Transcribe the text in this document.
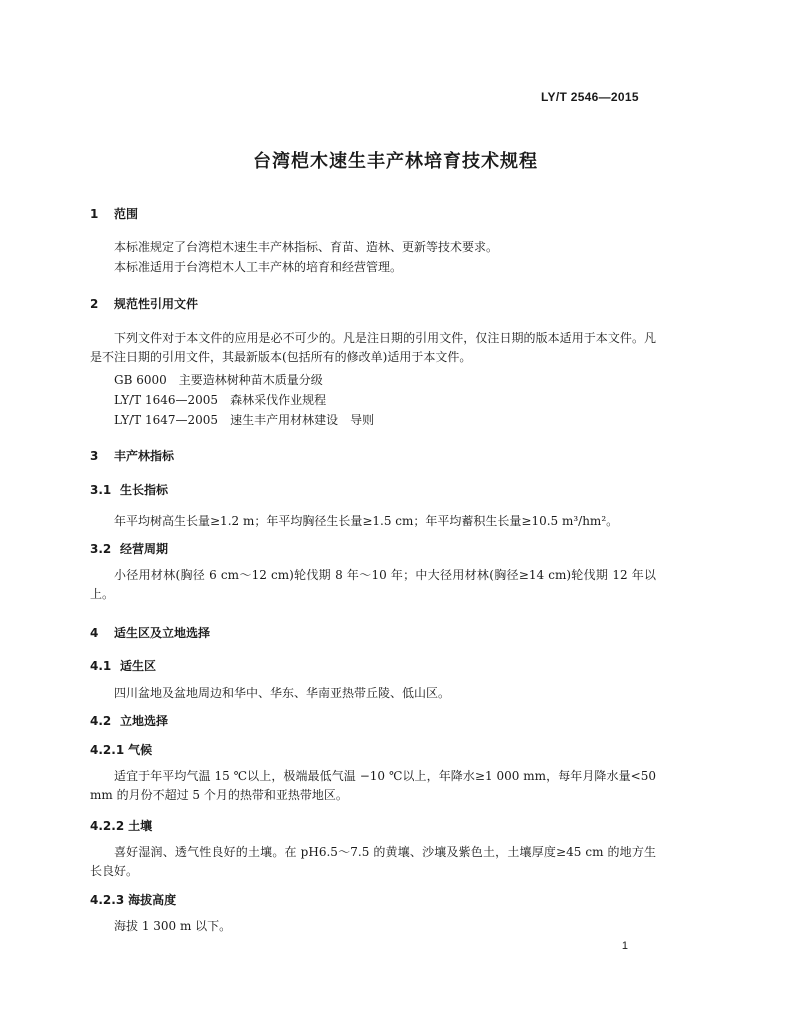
LY/T 2546—2015
台湾桤木速生丰产林培育技术规程
1 范围
本标准规定了台湾桤木速生丰产林指标、育苗、造林、更新等技术要求。
本标准适用于台湾桤木人工丰产林的培育和经营管理。
2 规范性引用文件
下列文件对于本文件的应用是必不可少的。凡是注日期的引用文件，仅注日期的版本适用于本文件。凡是不注日期的引用文件，其最新版本(包括所有的修改单)适用于本文件。
GB 6000　主要造林树种苗木质量分级
LY/T 1646—2005　森林采伐作业规程
LY/T 1647—2005　速生丰产用材林建设　导则
3 丰产林指标
3.1 生长指标
年平均树高生长量≥1.2 m；年平均胸径生长量≥1.5 cm；年平均蓄积生长量≥10.5 m³/hm²。
3.2 经营周期
小径用材林(胸径 6 cm～12 cm)轮伐期 8 年～10 年；中大径用材林(胸径≥14 cm)轮伐期 12 年以上。
4 适生区及立地选择
4.1 适生区
四川盆地及盆地周边和华中、华东、华南亚热带丘陵、低山区。
4.2 立地选择
4.2.1 气候
适宜于年平均气温 15 ℃以上，极端最低气温 −10 ℃以上，年降水≥1 000 mm，每年月降水量<50 mm 的月份不超过 5 个月的热带和亚热带地区。
4.2.2 土壤
喜好湿润、透气性良好的土壤。在 pH6.5～7.5 的黄壤、沙壤及紫色土，土壤厚度≥45 cm 的地方生长良好。
4.2.3 海拔高度
海拔 1 300 m 以下。
1
